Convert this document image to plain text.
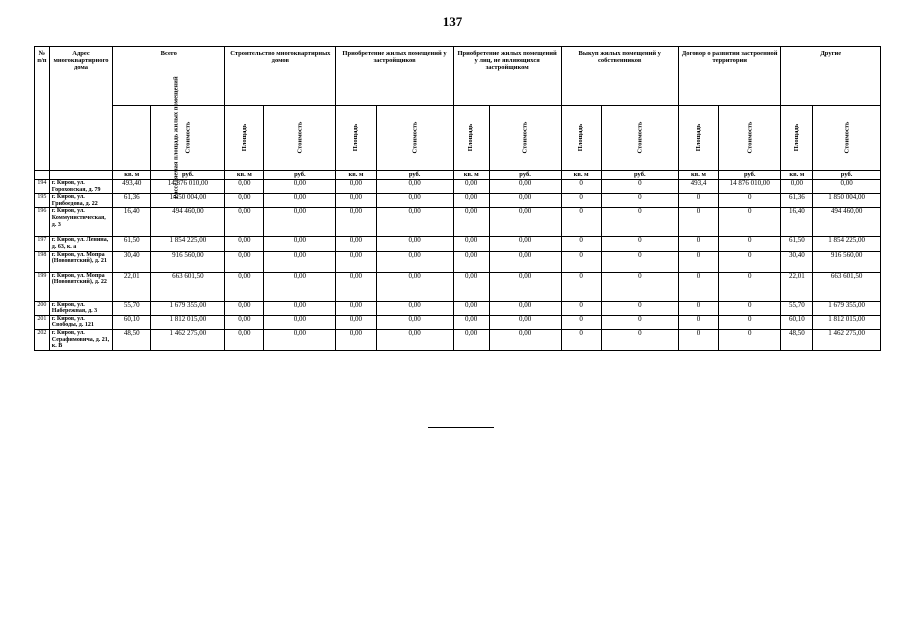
137
№ п/п	Адрес многоквартирного дома	Всего		Строительство многоквартирных домов		Приобретение жилых помещений у застройщиков		Приобретение жилых помещений у лиц, не являющихся застройщиком		Выкуп жилых помещений у собственников		Договор о развитии застроенной территории		Другие	
		Расселяемая площадь жилых помещений	Стоимость	Площадь	Стоимость	Площадь	Стоимость	Площадь	Стоимость	Площадь	Стоимость	Площадь	Стоимость	Площадь	Стоимость
		кв. м	руб.	кв. м	руб.	кв. м	руб.	кв. м	руб.	кв. м	руб.	кв. м	руб.	кв. м	руб.
194	г. Киров, ул. Гороховская, д. 79	493,40	14 876 010,00	0,00	0,00	0,00	0,00	0,00	0,00	0	0	493,4	14 876 010,00	0,00	0,00
195	г. Киров, ул. Грибоедова, д. 22	61,36	1 850 004,00	0,00	0,00	0,00	0,00	0,00	0,00	0	0	0	0	61,36	1 850 004,00
196	г. Киров, ул. Коммунистическая, д. 3	16,40	494 460,00	0,00	0,00	0,00	0,00	0,00	0,00	0	0	0	0	16,40	494 460,00
197	г. Киров, ул. Ленина, д. 63, к. а	61,50	1 854 225,00	0,00	0,00	0,00	0,00	0,00	0,00	0	0	0	0	61,50	1 854 225,00
198	г. Киров, ул. Мопра (Нововятский), д. 21	30,40	916 560,00	0,00	0,00	0,00	0,00	0,00	0,00	0	0	0	0	30,40	916 560,00
199	г. Киров, ул. Мопра (Нововятский), д. 22	22,01	663 601,50	0,00	0,00	0,00	0,00	0,00	0,00	0	0	0	0	22,01	663 601,50
200	г. Киров, ул. Набережная, д. 3	55,70	1 679 355,00	0,00	0,00	0,00	0,00	0,00	0,00	0	0	0	0	55,70	1 679 355,00
201	г. Киров, ул. Свободы, д. 121	60,10	1 812 015,00	0,00	0,00	0,00	0,00	0,00	0,00	0	0	0	0	60,10	1 812 015,00
202	г. Киров, ул. Серафимовича, д. 21, к. В	48,50	1 462 275,00	0,00	0,00	0,00	0,00	0,00	0,00	0	0	0	0	48,50	1 462 275,00
